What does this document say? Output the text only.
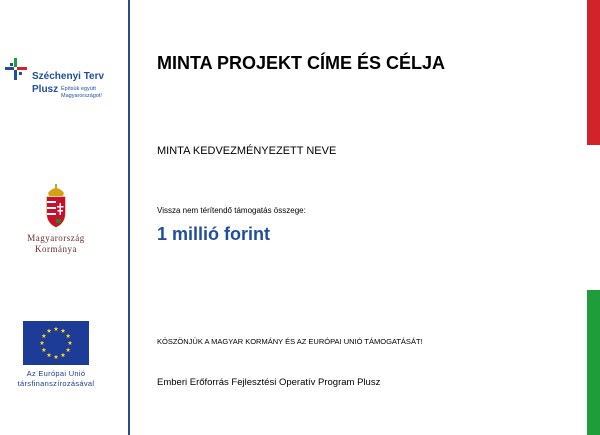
Széchenyi Terv
Plusz Építsük együtt
Magyarországot!
Magyarország
Kormánya
Az Európai Unió
társfinanszírozásával
MINTA PROJEKT CÍME ÉS CÉLJA
MINTA KEDVEZMÉNYEZETT NEVE
Vissza nem térítendő támogatás összege:
1 millió forint
KÖSZÖNJÜK A MAGYAR KORMÁNY ÉS AZ EURÓPAI UNIÓ TÁMOGATÁSÁT!
Emberi Erőforrás Fejlesztési Operatív Program Plusz
